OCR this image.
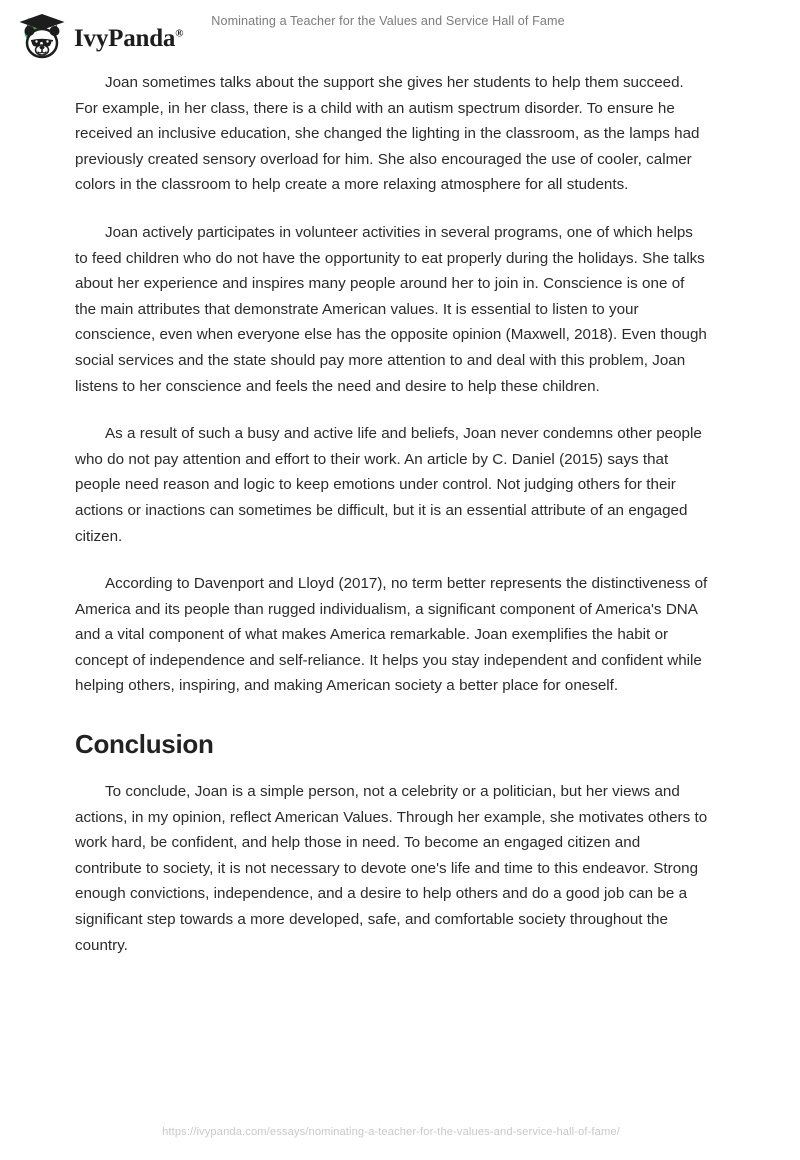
IvyPanda®
Nominating a Teacher for the Values and Service Hall of Fame

Joan sometimes talks about the support she gives her students to help them succeed. For example, in her class, there is a child with an autism spectrum disorder. To ensure he received an inclusive education, she changed the lighting in the classroom, as the lamps had previously created sensory overload for him. She also encouraged the use of cooler, calmer colors in the classroom to help create a more relaxing atmosphere for all students.

Joan actively participates in volunteer activities in several programs, one of which helps to feed children who do not have the opportunity to eat properly during the holidays. She talks about her experience and inspires many people around her to join in. Conscience is one of the main attributes that demonstrate American values. It is essential to listen to your conscience, even when everyone else has the opposite opinion (Maxwell, 2018). Even though social services and the state should pay more attention to and deal with this problem, Joan listens to her conscience and feels the need and desire to help these children.

As a result of such a busy and active life and beliefs, Joan never condemns other people who do not pay attention and effort to their work. An article by C. Daniel (2015) says that people need reason and logic to keep emotions under control. Not judging others for their actions or inactions can sometimes be difficult, but it is an essential attribute of an engaged citizen.

According to Davenport and Lloyd (2017), no term better represents the distinctiveness of America and its people than rugged individualism, a significant component of America's DNA and a vital component of what makes America remarkable. Joan exemplifies the habit or concept of independence and self-reliance. It helps you stay independent and confident while helping others, inspiring, and making American society a better place for oneself.

Conclusion

To conclude, Joan is a simple person, not a celebrity or a politician, but her views and actions, in my opinion, reflect American Values. Through her example, she motivates others to work hard, be confident, and help those in need. To become an engaged citizen and contribute to society, it is not necessary to devote one's life and time to this endeavor. Strong enough convictions, independence, and a desire to help others and do a good job can be a significant step towards a more developed, safe, and comfortable society throughout the country.

https://ivypanda.com/essays/nominating-a-teacher-for-the-values-and-service-hall-of-fame/
